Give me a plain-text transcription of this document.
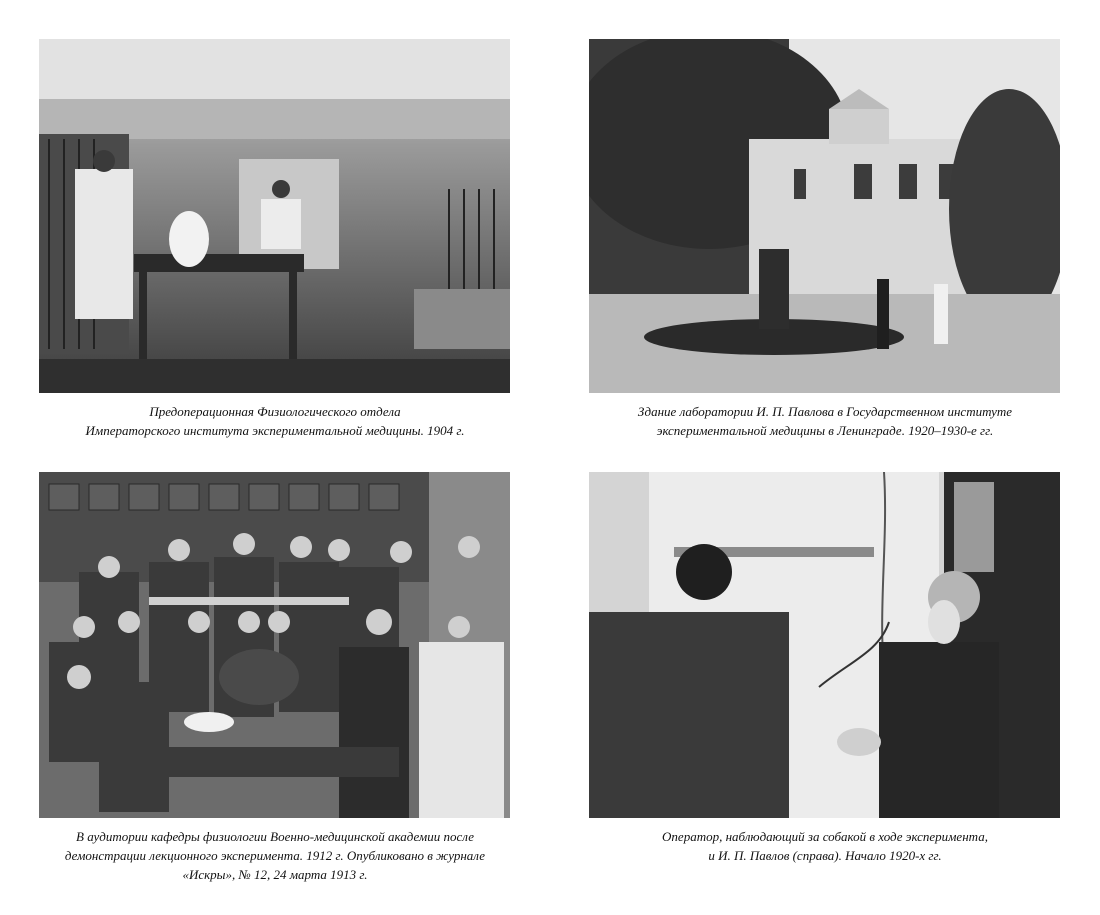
Предоперационная Физиологического отдела
Императорского института экспериментальной медицины. 1904 г.
Здание лаборатории И. П. Павлова в Государственном институте
экспериментальной медицины в Ленинграде. 1920–1930-е гг.
В аудитории кафедры физиологии Военно-медицинской академии после
демонстрации лекционного эксперимента. 1912 г. Опубликовано в журнале
«Искры», № 12, 24 марта 1913 г.
Оператор, наблюдающий за собакой в ходе эксперимента,
и И. П. Павлов (справа). Начало 1920-х гг.
